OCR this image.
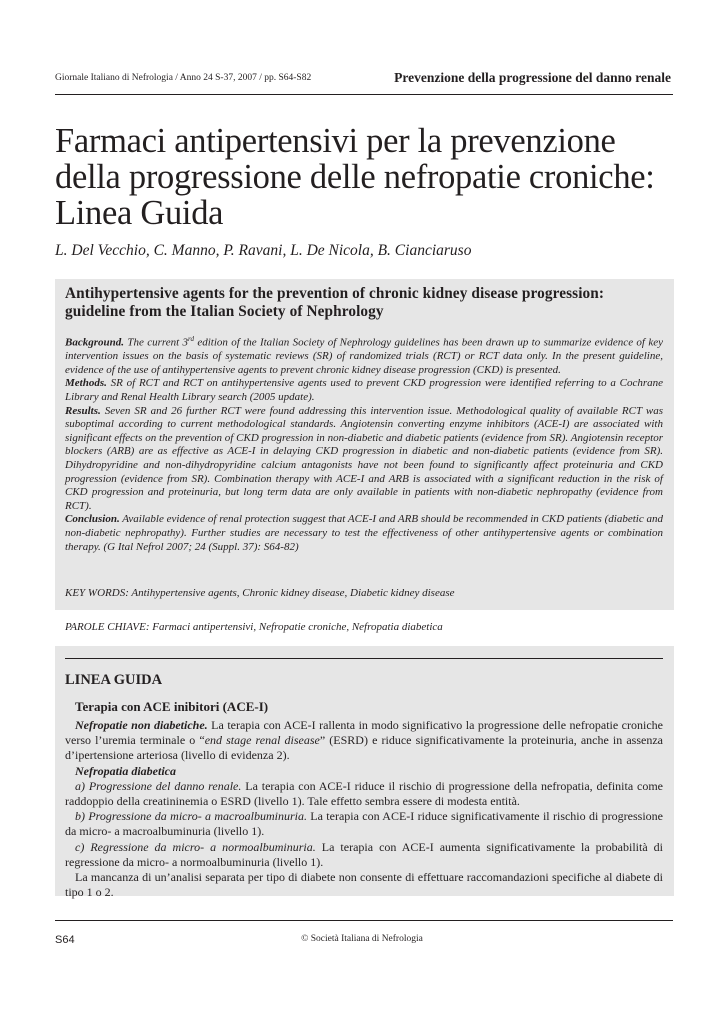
Giornale Italiano di Nefrologia / Anno 24 S-37, 2007 / pp. S64-S82	Prevenzione della progressione del danno renale
Farmaci antipertensivi per la prevenzione
della progressione delle nefropatie croniche:
Linea Guida
L. Del Vecchio, C. Manno, P. Ravani, L. De Nicola, B. Cianciaruso
Antihypertensive agents for the prevention of chronic kidney disease progression:
guideline from the Italian Society of Nephrology

Background. The current 3rd edition of the Italian Society of Nephrology guidelines has been drawn up to summarize evidence of key intervention issues on the basis of systematic reviews (SR) of randomized trials (RCT) or RCT data only. In the present guideline, evidence of the use of antihypertensive agents to prevent chronic kidney disease progression (CKD) is presented.

Methods. SR of RCT and RCT on antihypertensive agents used to prevent CKD progression were identified referring to a Cochrane Library and Renal Health Library search (2005 update).

Results. Seven SR and 26 further RCT were found addressing this intervention issue. Methodological quality of available RCT was suboptimal according to current methodological standards. Angiotensin converting enzyme inhibitors (ACE-I) are associated with significant effects on the prevention of CKD progression in non-diabetic and diabetic patients (evidence from SR). Angiotensin receptor blockers (ARB) are as effective as ACE-I in delaying CKD progression in diabetic and non-diabetic patients (evidence from SR). Dihydropyridine and non-dihydropyridine calcium antagonists have not been found to significantly affect proteinuria and CKD progression (evidence from SR). Combination therapy with ACE-I and ARB is associated with a significant reduction in the risk of CKD progression and proteinuria, but long term data are only available in patients with non-diabetic nephropathy (evidence from RCT).

Conclusion. Available evidence of renal protection suggest that ACE-I and ARB should be recommended in CKD patients (diabetic and non-diabetic nephropathy). Further studies are necessary to test the effectiveness of other antihypertensive agents or combination therapy. (G Ital Nefrol 2007; 24 (Suppl. 37): S64-82)

KEY WORDS: Antihypertensive agents, Chronic kidney disease, Diabetic kidney disease
PAROLE CHIAVE: Farmaci antipertensivi, Nefropatie croniche, Nefropatia diabetica
LINEA GUIDA
Terapia con ACE inibitori (ACE-I)

Nefropatie non diabetiche. La terapia con ACE-I rallenta in modo significativo la progressione delle nefropatie croniche verso l’uremia terminale o “end stage renal disease” (ESRD) e riduce significativamente la proteinuria, anche in assenza d’ipertensione arteriosa (livello di evidenza 2).

Nefropatia diabetica

a) Progressione del danno renale. La terapia con ACE-I riduce il rischio di progressione della nefropatia, definita come raddoppio della creatininemia o ESRD (livello 1). Tale effetto sembra essere di modesta entità.

b) Progressione da micro- a macroalbuminuria. La terapia con ACE-I riduce significativamente il rischio di progressione da micro- a macroalbuminuria (livello 1).

c) Regressione da micro- a normoalbuminuria. La terapia con ACE-I aumenta significativamente la probabilità di regressione da micro- a normoalbuminuria (livello 1).

La mancanza di un’analisi separata per tipo di diabete non consente di effettuare raccomandazioni specifiche al diabete di tipo 1 o 2.

S64	© Società Italiana di Nefrologia
